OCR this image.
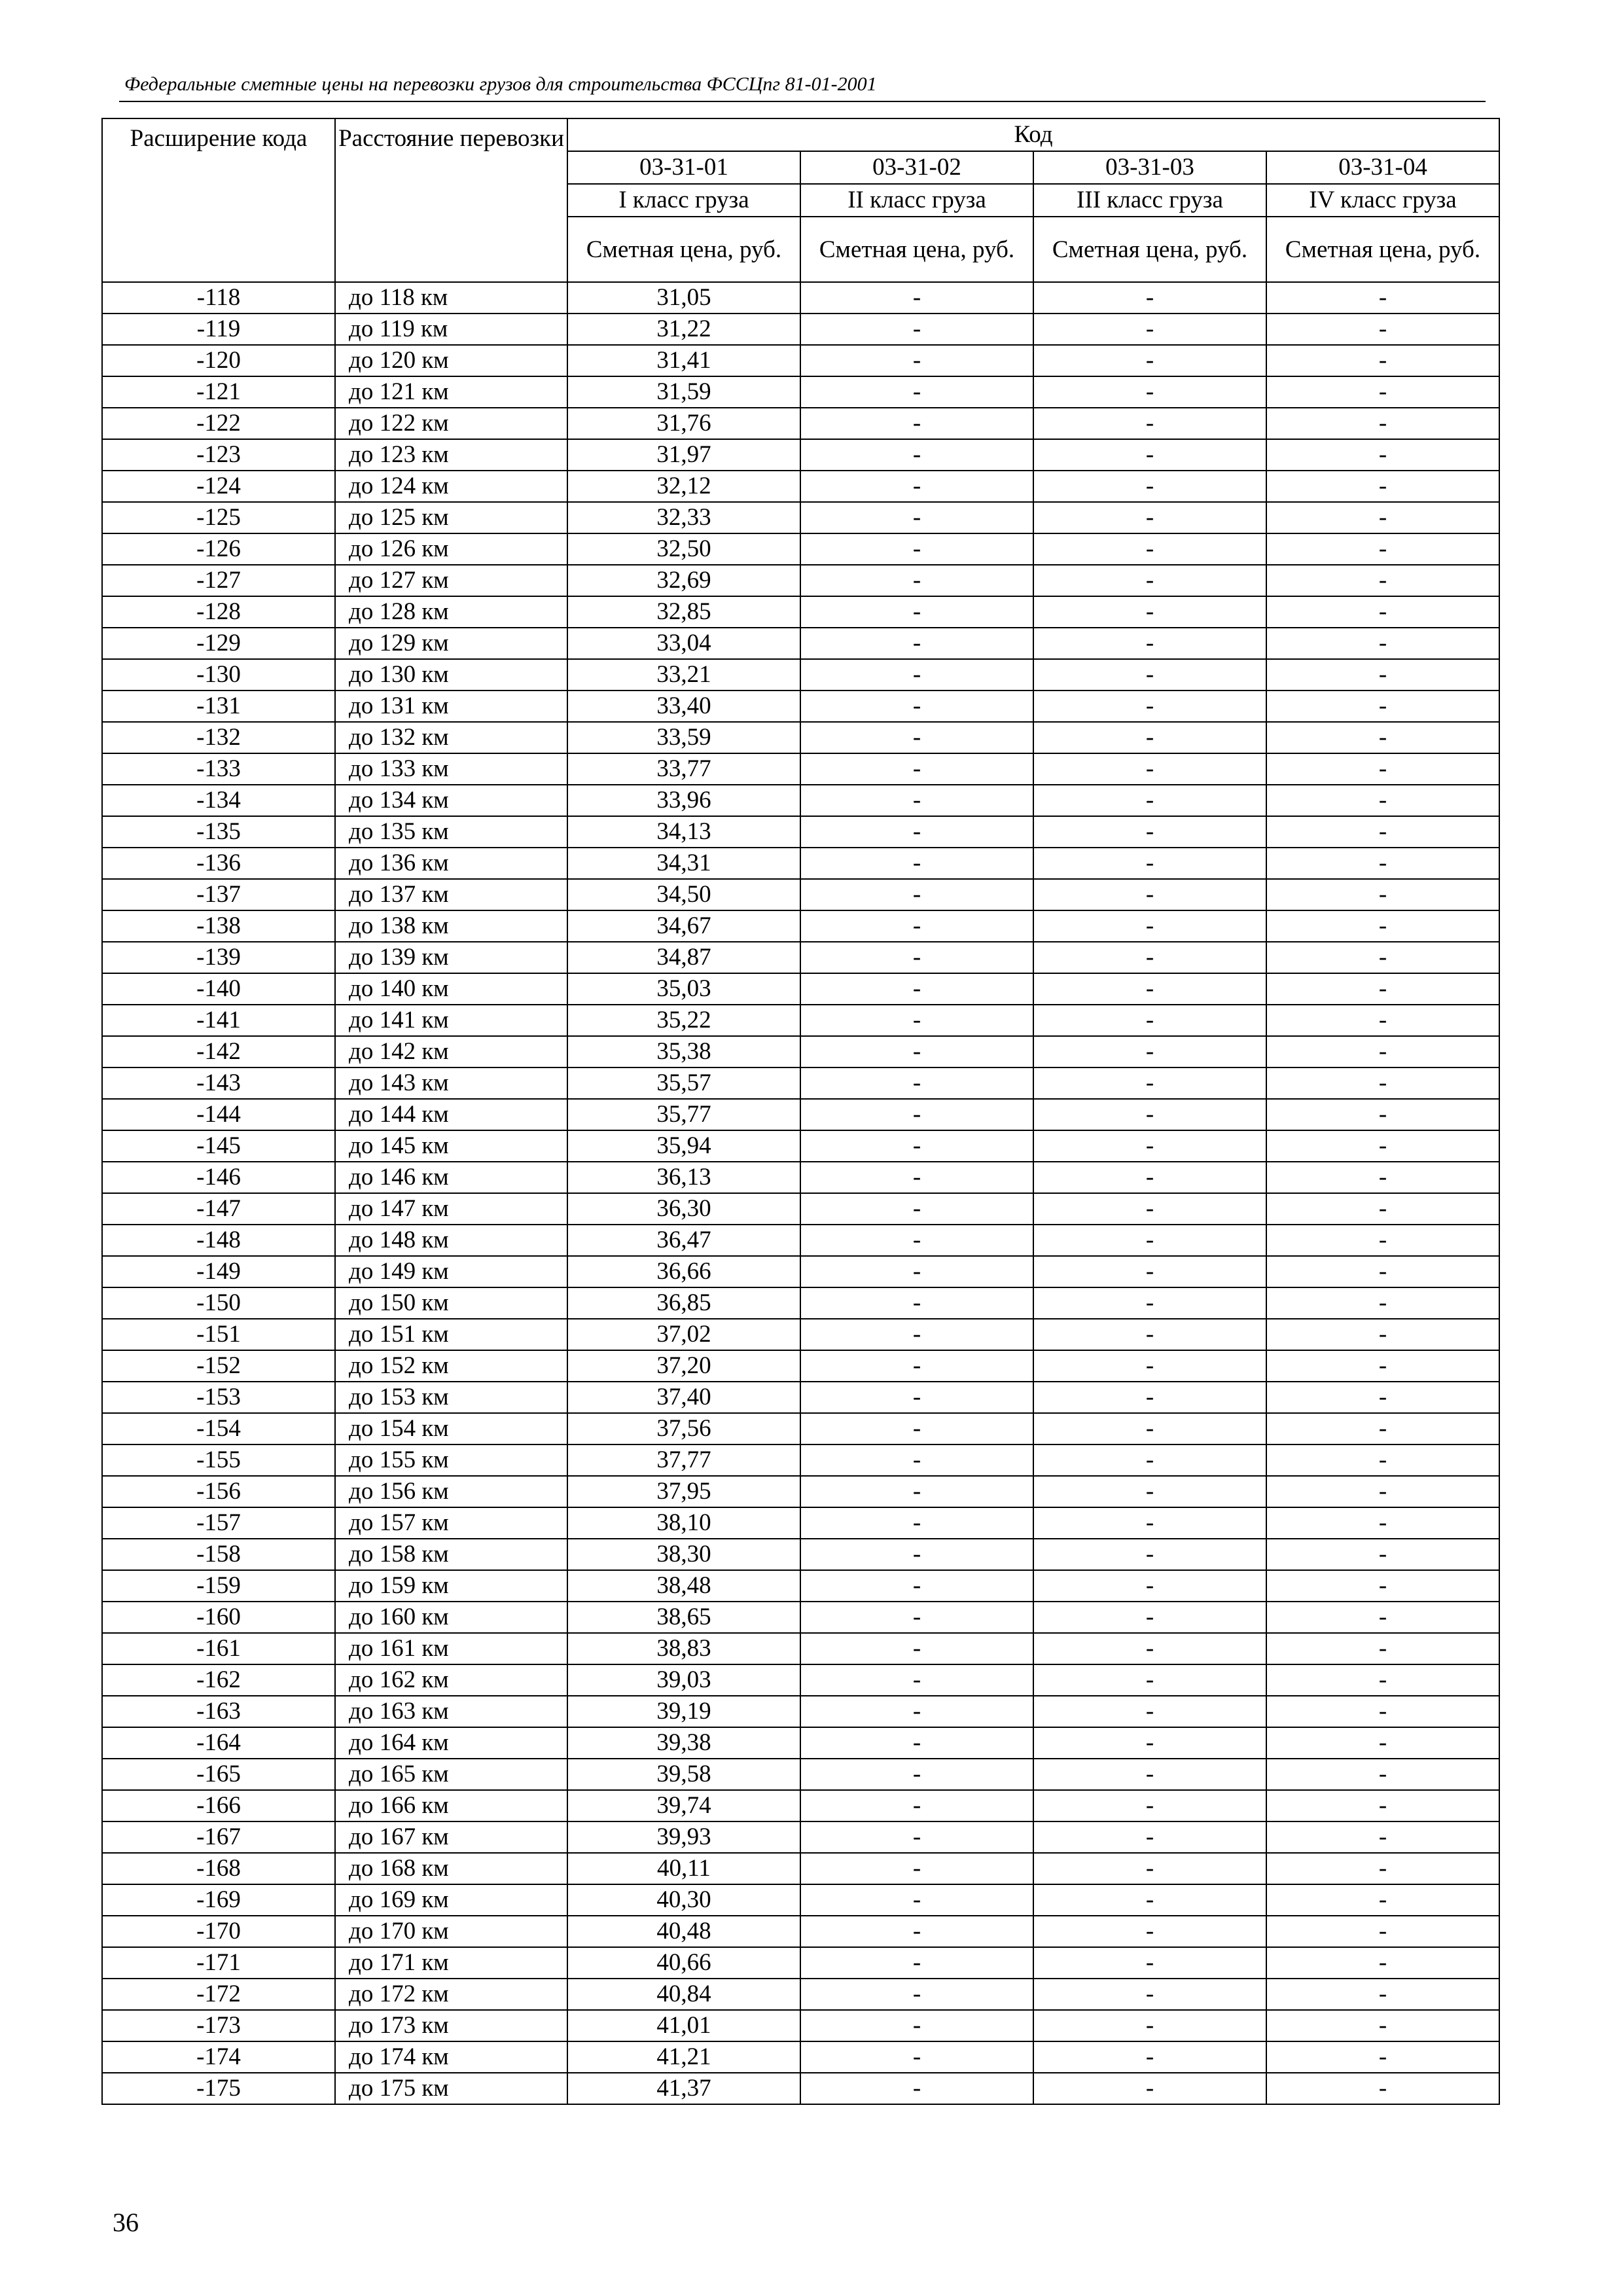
Федеральные сметные цены на перевозки грузов для строительства ФССЦпг 81-01-2001
Расширение кода	Расстояние перевозки	Код			
		03-31-01	03-31-02	03-31-03	03-31-04
		I класс груза	II класс груза	III класс груза	IV класс груза
		Сметная цена, руб.	Сметная цена, руб.	Сметная цена, руб.	Сметная цена, руб.
-118	до 118 км	31,05	-	-	-
-119	до 119 км	31,22	-	-	-
-120	до 120 км	31,41	-	-	-
-121	до 121 км	31,59	-	-	-
-122	до 122 км	31,76	-	-	-
-123	до 123 км	31,97	-	-	-
-124	до 124 км	32,12	-	-	-
-125	до 125 км	32,33	-	-	-
-126	до 126 км	32,50	-	-	-
-127	до 127 км	32,69	-	-	-
-128	до 128 км	32,85	-	-	-
-129	до 129 км	33,04	-	-	-
-130	до 130 км	33,21	-	-	-
-131	до 131 км	33,40	-	-	-
-132	до 132 км	33,59	-	-	-
-133	до 133 км	33,77	-	-	-
-134	до 134 км	33,96	-	-	-
-135	до 135 км	34,13	-	-	-
-136	до 136 км	34,31	-	-	-
-137	до 137 км	34,50	-	-	-
-138	до 138 км	34,67	-	-	-
-139	до 139 км	34,87	-	-	-
-140	до 140 км	35,03	-	-	-
-141	до 141 км	35,22	-	-	-
-142	до 142 км	35,38	-	-	-
-143	до 143 км	35,57	-	-	-
-144	до 144 км	35,77	-	-	-
-145	до 145 км	35,94	-	-	-
-146	до 146 км	36,13	-	-	-
-147	до 147 км	36,30	-	-	-
-148	до 148 км	36,47	-	-	-
-149	до 149 км	36,66	-	-	-
-150	до 150 км	36,85	-	-	-
-151	до 151 км	37,02	-	-	-
-152	до 152 км	37,20	-	-	-
-153	до 153 км	37,40	-	-	-
-154	до 154 км	37,56	-	-	-
-155	до 155 км	37,77	-	-	-
-156	до 156 км	37,95	-	-	-
-157	до 157 км	38,10	-	-	-
-158	до 158 км	38,30	-	-	-
-159	до 159 км	38,48	-	-	-
-160	до 160 км	38,65	-	-	-
-161	до 161 км	38,83	-	-	-
-162	до 162 км	39,03	-	-	-
-163	до 163 км	39,19	-	-	-
-164	до 164 км	39,38	-	-	-
-165	до 165 км	39,58	-	-	-
-166	до 166 км	39,74	-	-	-
-167	до 167 км	39,93	-	-	-
-168	до 168 км	40,11	-	-	-
-169	до 169 км	40,30	-	-	-
-170	до 170 км	40,48	-	-	-
-171	до 171 км	40,66	-	-	-
-172	до 172 км	40,84	-	-	-
-173	до 173 км	41,01	-	-	-
-174	до 174 км	41,21	-	-	-
-175	до 175 км	41,37	-	-	-
36
